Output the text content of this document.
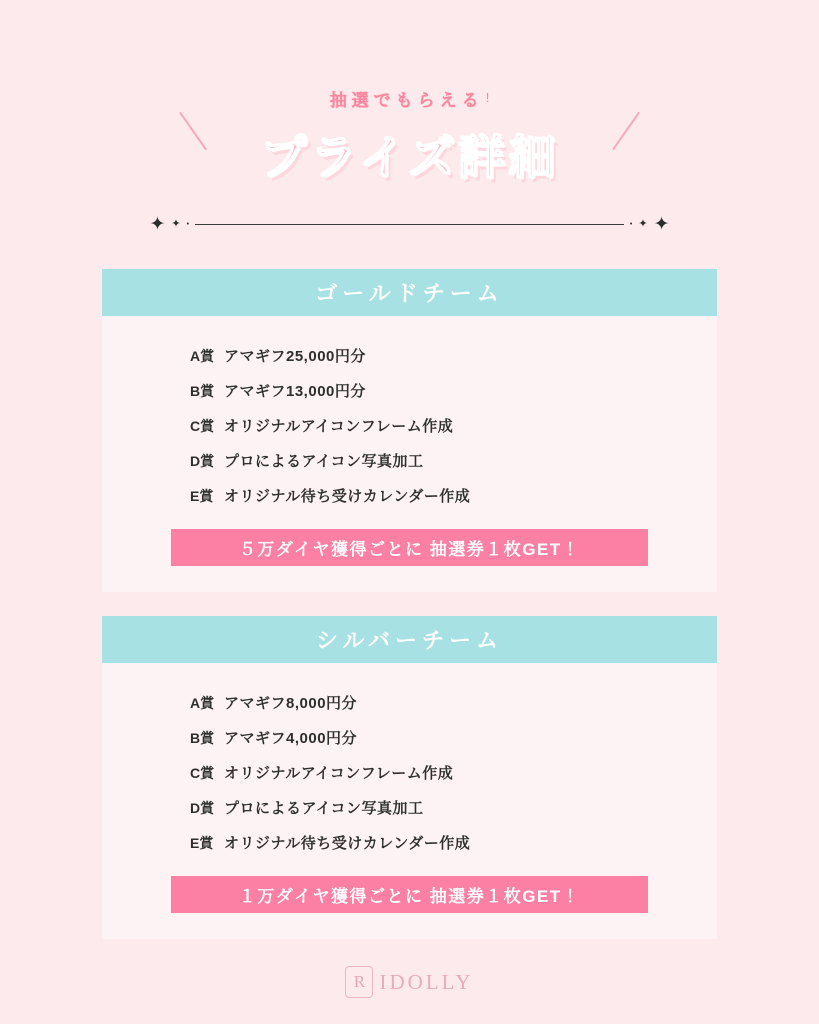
抽選でもらえる !
プライズ詳細
✦ ✦ •	• ✦ ✦
ゴールドチーム
A賞 アマギフ25,000円分
B賞 アマギフ13,000円分
C賞 オリジナルアイコンフレーム作成
D賞 プロによるアイコン写真加工
E賞 オリジナル待ち受けカレンダー作成
５万ダイヤ獲得ごとに 抽選券１枚GET！
シルバーチーム
A賞 アマギフ8,000円分
B賞 アマギフ4,000円分
C賞 オリジナルアイコンフレーム作成
D賞 プロによるアイコン写真加工
E賞 オリジナル待ち受けカレンダー作成
１万ダイヤ獲得ごとに 抽選券１枚GET！
R IDOLLY
